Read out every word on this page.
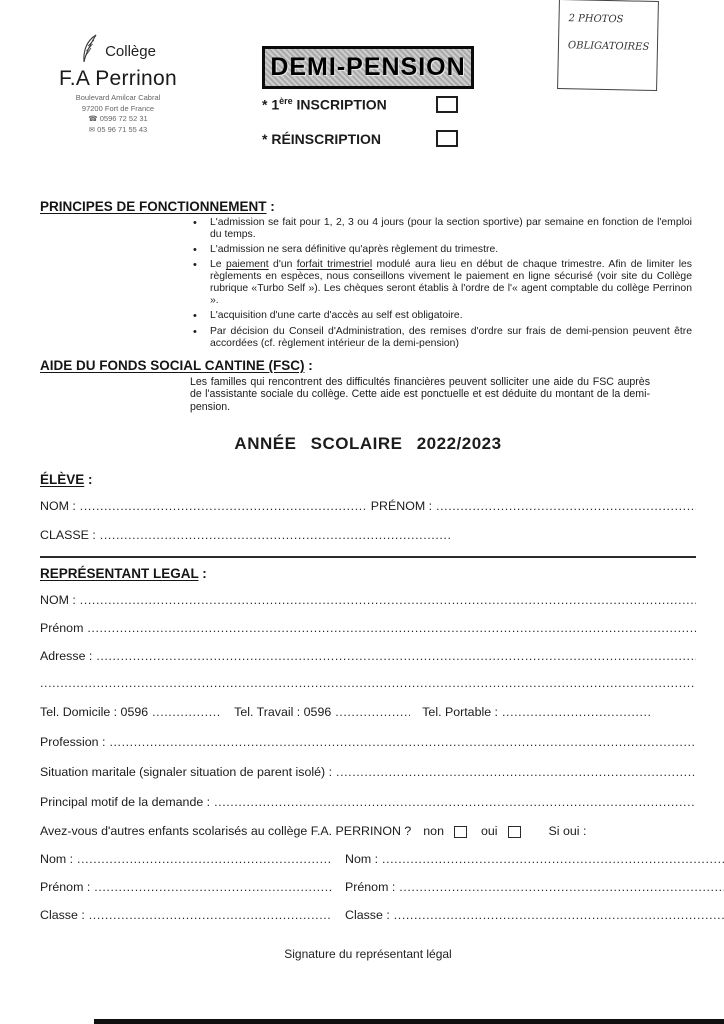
Collège
F.A Perrinon
Boulevard Amilcar Cabral
97200 Fort de France
☎ 0596 72 52 31
✉ 05 96 71 55 43
DEMI-PENSION
* 1ère INSCRIPTION
* RÉINSCRIPTION
2 PHOTOS
OBLIGATOIRES
PRINCIPES DE FONCTIONNEMENT :
• L'admission se fait pour 1, 2, 3 ou 4 jours (pour la section sportive) par semaine en fonction de l'emploi du temps.
• L'admission ne sera définitive qu'après règlement du trimestre.
• Le paiement d'un forfait trimestriel modulé aura lieu en début de chaque trimestre. Afin de limiter les règlements en espèces, nous conseillons vivement le paiement en ligne sécurisé (voir site du Collège rubrique «Turbo Self »). Les chèques seront établis à l'ordre de l'« agent comptable du collège Perrinon ».
• L'acquisition d'une carte d'accès au self est obligatoire.
• Par décision du Conseil d'Administration, des remises d'ordre sur frais de demi-pension peuvent être accordées (cf. règlement intérieur de la demi-pension)
AIDE DU FONDS SOCIAL CANTINE (FSC) :

Les familles qui rencontrent des difficultés financières peuvent solliciter une aide du FSC auprès de l'assistante sociale du collège. Cette aide est ponctuelle et est déduite du montant de la demi-pension.

ANNÉE SCOLAIRE 2022/2023
ÉLÈVE :
NOM : .....	PRÉNOM :
.....
CLASSE :
.....
REPRÉSENTANT LEGAL :
NOM :
.....
Prénom
.....
Adresse :
.....
.....
Tel. Domicile : 0596 .....	Tel. Travail : 0596 .....	Tel. Portable :
.....
Profession :
.....
Situation maritale (signaler situation de parent isolé) :
.....
Principal motif de la demande :
.....
Avez-vous d'autres enfants scolarisés au collège F.A. PERRINON ? non	oui	Si oui :
Nom : .....	Nom :
.....
Prénom : .....	Prénom :
.....
Classe : .....	Classe :
.....
Signature du représentant légal
